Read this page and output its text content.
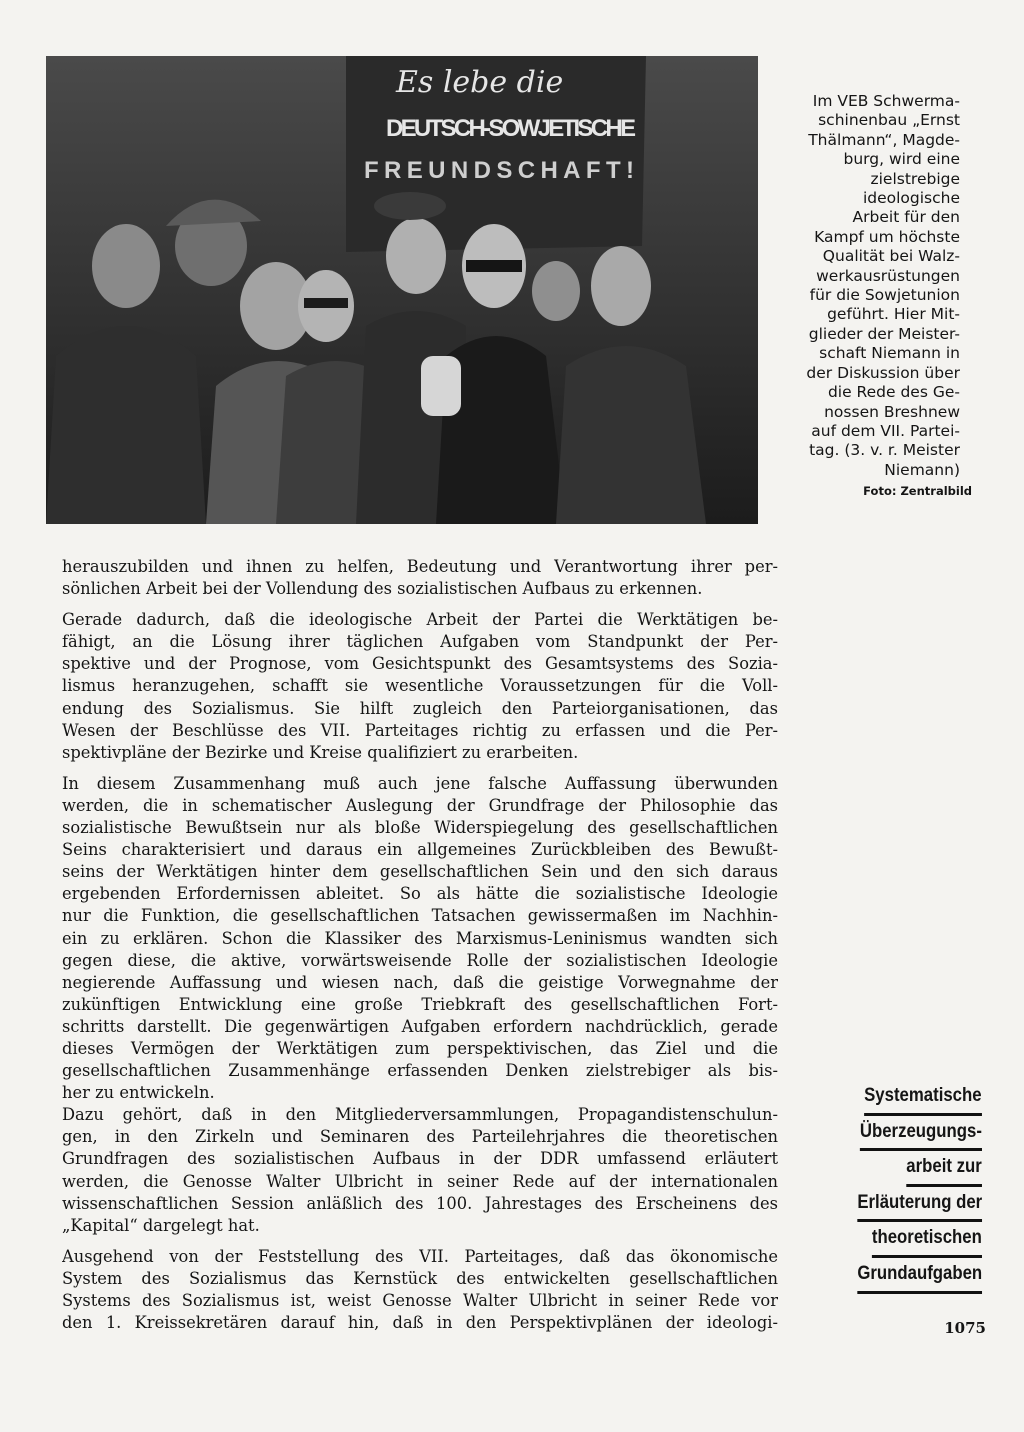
Es lebe die
DEUTSCH-SOWJETISCHE
FREUNDSCHAFT!
Im VEB Schwerma-
schinenbau „Ernst
Thälmann“, Magde-
burg, wird eine
zielstrebige
ideologische
Arbeit für den
Kampf um höchste
Qualität bei Walz-
werkausrüstungen
für die Sowjetunion
geführt. Hier Mit-
glieder der Meister-
schaft Niemann in
der Diskussion über
die Rede des Ge-
nossen Breshnew
auf dem VII. Partei-
tag. (3. v. r. Meister
Niemann)
Foto: Zentralbild
herauszubilden und ihnen zu helfen, Bedeutung und Verantwortung ihrer per-
sönlichen Arbeit bei der Vollendung des sozialistischen Aufbaus zu erkennen.
Gerade dadurch, daß die ideologische Arbeit der Partei die Werktätigen be-
fähigt, an die Lösung ihrer täglichen Aufgaben vom Standpunkt der Per-
spektive und der Prognose, vom Gesichtspunkt des Gesamtsystems des Sozia-
lismus heranzugehen, schafft sie wesentliche Voraussetzungen für die Voll-
endung des Sozialismus. Sie hilft zugleich den Parteiorganisationen, das
Wesen der Beschlüsse des VII. Parteitages richtig zu erfassen und die Per-
spektivpläne der Bezirke und Kreise qualifiziert zu erarbeiten.
In diesem Zusammenhang muß auch jene falsche Auffassung überwunden
werden, die in schematischer Auslegung der Grundfrage der Philosophie das
sozialistische Bewußtsein nur als bloße Widerspiegelung des gesellschaftlichen
Seins charakterisiert und daraus ein allgemeines Zurückbleiben des Bewußt-
seins der Werktätigen hinter dem gesellschaftlichen Sein und den sich daraus
ergebenden Erfordernissen ableitet. So als hätte die sozialistische Ideologie
nur die Funktion, die gesellschaftlichen Tatsachen gewissermaßen im Nachhin-
ein zu erklären. Schon die Klassiker des Marxismus-Leninismus wandten sich
gegen diese, die aktive, vorwärtsweisende Rolle der sozialistischen Ideologie
negierende Auffassung und wiesen nach, daß die geistige Vorwegnahme der
zukünftigen Entwicklung eine große Triebkraft des gesellschaftlichen Fort-
schritts darstellt. Die gegenwärtigen Aufgaben erfordern nachdrücklich, gerade
dieses Vermögen der Werktätigen zum perspektivischen, das Ziel und die
gesellschaftlichen Zusammenhänge erfassenden Denken zielstrebiger als bis-
her zu entwickeln.
Dazu gehört, daß in den Mitgliederversammlungen, Propagandistenschulun-
gen, in den Zirkeln und Seminaren des Parteilehrjahres die theoretischen
Grundfragen des sozialistischen Aufbaus in der DDR umfassend erläutert
werden, die Genosse Walter Ulbricht in seiner Rede auf der internationalen
wissenschaftlichen Session anläßlich des 100. Jahrestages des Erscheinens des
„Kapital“ dargelegt hat.
Ausgehend von der Feststellung des VII. Parteitages, daß das ökonomische
System des Sozialismus das Kernstück des entwickelten gesellschaftlichen
Systems des Sozialismus ist, weist Genosse Walter Ulbricht in seiner Rede vor
den 1. Kreissekretären darauf hin, daß in den Perspektivplänen der ideologi-
Systematische
Überzeugungs-
arbeit zur
Erläuterung der
theoretischen
Grundaufgaben
1075
